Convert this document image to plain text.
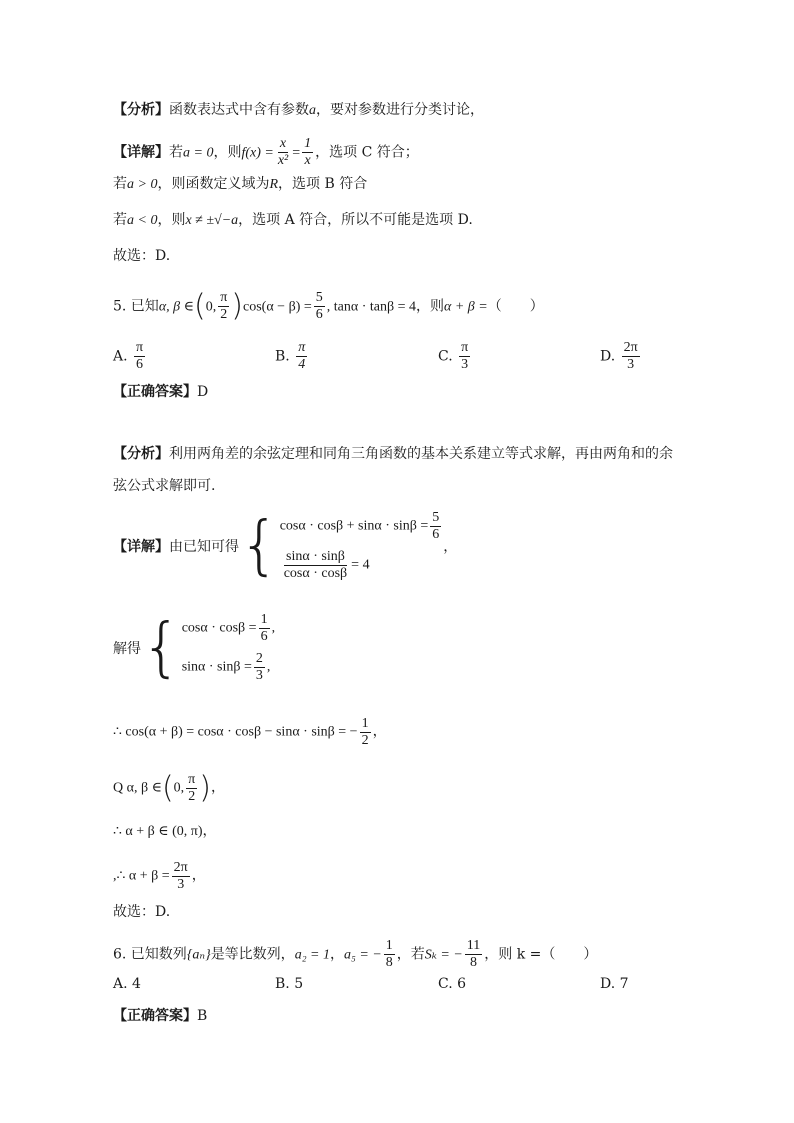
【分析】函数表达式中含有参数a，要对参数进行分类讨论，
【详解】若a = 0，则$f(x) = \frac{x}{\text{x²}} = \frac{1}{x}$ ，选项 C 符合；
若a > 0，则函数定义域为R，选项 B 符合
若a < 0，则x ≠ ±√−a，选项 A 符合，所以不可能是选项 D.
故选：D.
5. 已知α, β ∈(0, $\frac{\pi}{2} )\cos(\alpha - \beta) = \frac{5}{6}$ , tanα · tanβ = 4，则α + β =（　　）
A. $\frac{\pi}{6}$	B. $\frac{\pi}{4}$	C. $\frac{\pi}{3}$	D. $\frac{2\pi}{3}$
【正确答案】D
【分析】利用两角差的余弦定理和同角三角函数的基本关系建立等式求解，再由两角和的余
弦公式求解即可.
【详解】 由已知可得 { $\cos\alpha \cdot \cos\beta + \sin\alpha \cdot \sin\beta = \frac{5}{6}$
$\frac{\sin\alpha \cdot \sin\beta}{\cos\alpha \cdot \cos\beta} = 4$
，
解得 { $\cos\alpha \cdot \cos\beta = \frac{1}{6}$ ,
$\sin\alpha \cdot \sin\beta = \frac{2}{3}$ ,
∴ cos(α + β) = cosα · cosβ − sinα · sinβ = − $\frac{1}{2}$ ，
Q α, β ∈(0, $\frac{\pi}{2}$ )，
∴ α + β ∈ (0, π)，
,∴ $\alpha + \beta = \frac{2\pi}{3}$ ，
故选：D.
6. 已知数列{aₙ}是等比数列，a₂ = 1，a₅ = − $\frac{1}{8}$ ，若Sₖ = − $\frac{11}{8}$ ，则 k =（　　）
A. 4	B. 5	C. 6	D. 7
【正确答案】B
